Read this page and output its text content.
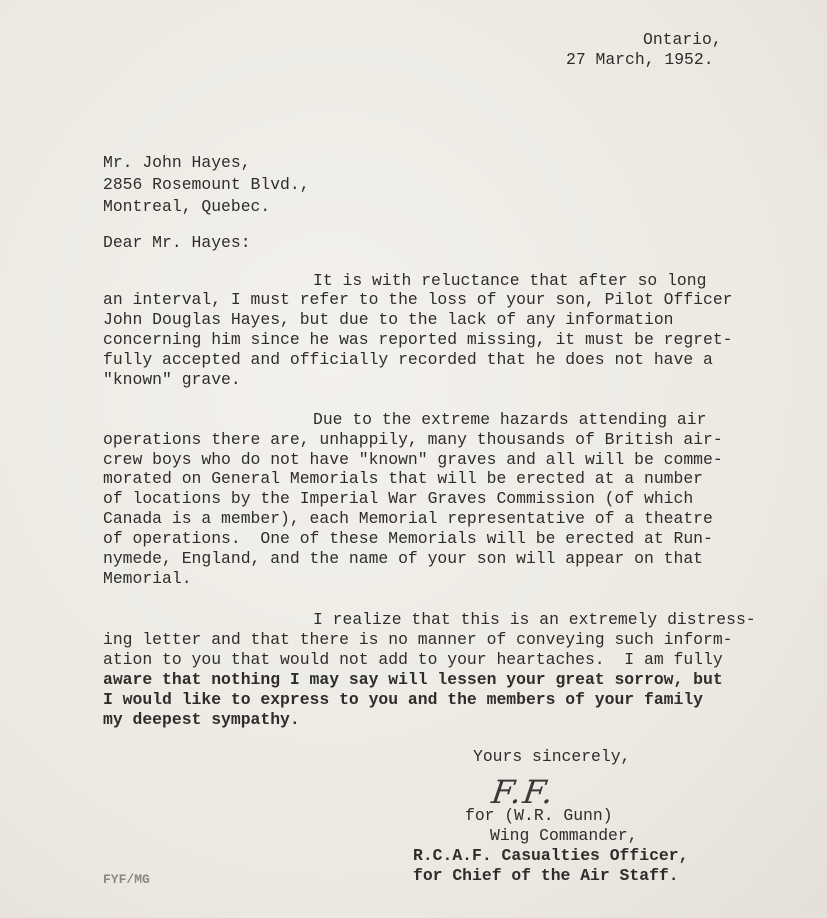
Ontario,
27 March, 1952.
Mr. John Hayes,
2856 Rosemount Blvd.,
Montreal, Quebec.
Dear Mr. Hayes:
It is with reluctance that after so long
an interval, I must refer to the loss of your son, Pilot Officer
John Douglas Hayes, but due to the lack of any information
concerning him since he was reported missing, it must be regret-
fully accepted and officially recorded that he does not have a
"known" grave.
Due to the extreme hazards attending air
operations there are, unhappily, many thousands of British air-
crew boys who do not have "known" graves and all will be comme-
morated on General Memorials that will be erected at a number
of locations by the Imperial War Graves Commission (of which
Canada is a member), each Memorial representative of a theatre
of operations.  One of these Memorials will be erected at Run-
nymede, England, and the name of your son will appear on that
Memorial.
I realize that this is an extremely distress-
ing letter and that there is no manner of conveying such inform-
ation to you that would not add to your heartaches.  I am fully
aware that nothing I may say will lessen your great sorrow, but
I would like to express to you and the members of your family
my deepest sympathy.
Yours sincerely,
F.F.
for (W.R. Gunn)
Wing Commander,
R.C.A.F. Casualties Officer,
for Chief of the Air Staff.
FYF/MG
